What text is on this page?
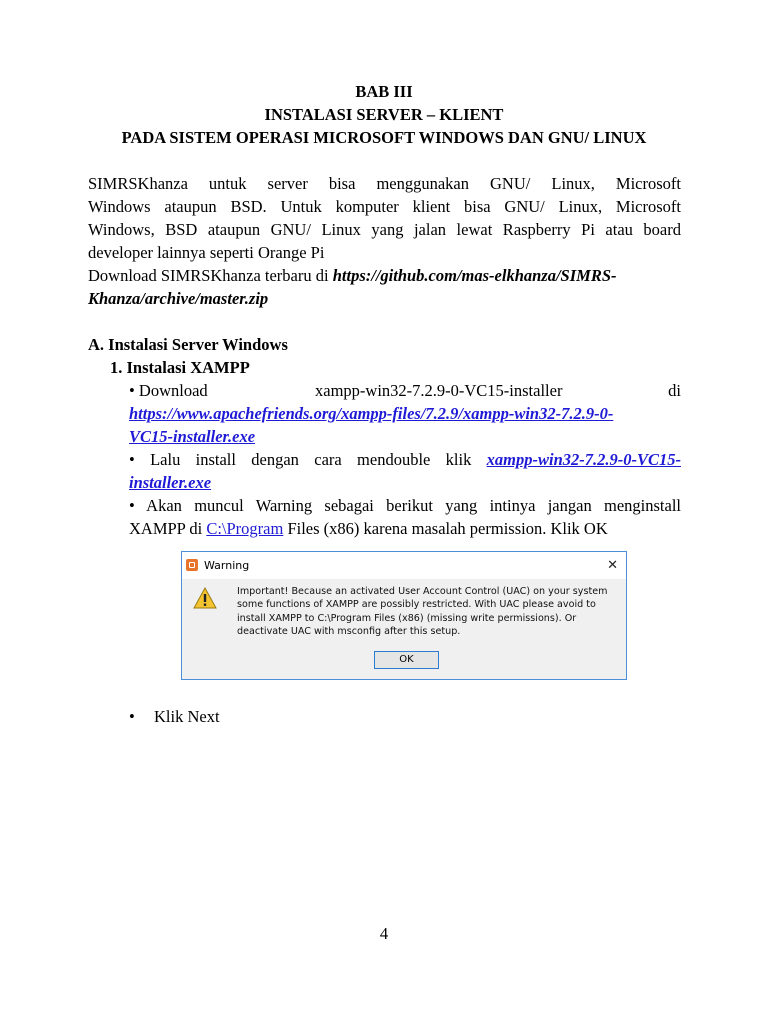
BAB III
INSTALASI SERVER – KLIENT
PADA SISTEM OPERASI MICROSOFT WINDOWS DAN GNU/ LINUX
SIMRSKhanza untuk server bisa menggunakan GNU/ Linux, Microsoft
Windows ataupun BSD. Untuk komputer klient bisa GNU/ Linux, Microsoft
Windows, BSD ataupun GNU/ Linux yang jalan lewat Raspberry Pi atau board
developer lainnya seperti Orange Pi
Download SIMRSKhanza terbaru di https://github.com/mas-elkhanza/SIMRS-
Khanza/archive/master.zip
A. Instalasi Server Windows
1. Instalasi XAMPP
• Download	xampp-win32-7.2.9-0-VC15-installer	di
https://www.apachefriends.org/xampp-files/7.2.9/xampp-win32-7.2.9-0-
VC15-installer.exe
• Lalu install dengan cara mendouble klik xampp-win32-7.2.9-0-VC15-
installer.exe
• Akan muncul Warning sebagai berikut yang intinya jangan menginstall
XAMPP di C:\Program Files (x86) karena masalah permission. Klik OK
Warning	✕
Important! Because an activated User Account Control (UAC) on your system
some functions of XAMPP are possibly restricted. With UAC please avoid to
install XAMPP to C:\Program Files (x86) (missing write permissions). Or
deactivate UAC with msconfig after this setup.
OK
• Klik Next
4
